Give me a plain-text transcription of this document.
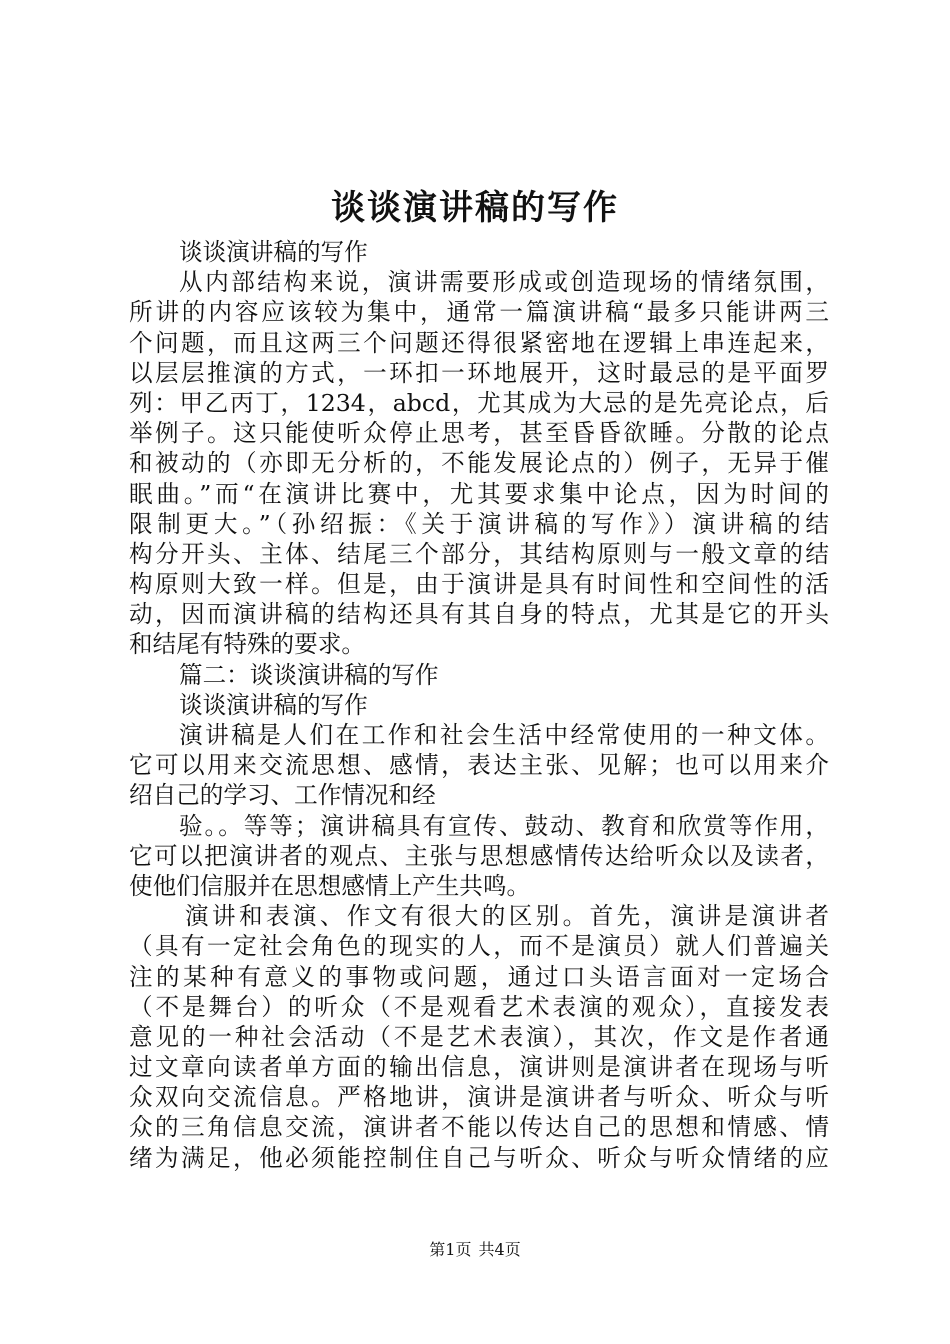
谈谈演讲稿的写作
谈谈演讲稿的写作
从内部结构来说，演讲需要形成或创造现场的情绪氛围，
所讲的内容应该较为集中，通常一篇演讲稿“最多只能讲两三
个问题，而且这两三个问题还得很紧密地在逻辑上串连起来，
以层层推演的方式，一环扣一环地展开，这时最忌的是平面罗
列：甲乙丙丁，1234，abcd，尤其成为大忌的是先亮论点，后
举例子。这只能使听众停止思考，甚至昏昏欲睡。分散的论点
和被动的（亦即无分析的，不能发展论点的）例子，无异于催
眠曲。”而“在演讲比赛中，尤其要求集中论点，因为时间的
限制更大。”（孙绍振：《关于演讲稿的写作》）演讲稿的结
构分开头、主体、结尾三个部分，其结构原则与一般文章的结
构原则大致一样。但是，由于演讲是具有时间性和空间性的活
动，因而演讲稿的结构还具有其自身的特点，尤其是它的开头
和结尾有特殊的要求。
篇二：谈谈演讲稿的写作
谈谈演讲稿的写作
演讲稿是人们在工作和社会生活中经常使用的一种文体。
它可以用来交流思想、感情，表达主张、见解；也可以用来介
绍自己的学习、工作情况和经
验。。等等；演讲稿具有宣传、鼓动、教育和欣赏等作用，
它可以把演讲者的观点、主张与思想感情传达给听众以及读者，
使他们信服并在思想感情上产生共鸣。
演讲和表演、作文有很大的区别。首先，演讲是演讲者
（具有一定社会角色的现实的人，而不是演员）就人们普遍关
注的某种有意义的事物或问题，通过口头语言面对一定场合
（不是舞台）的听众（不是观看艺术表演的观众），直接发表
意见的一种社会活动（不是艺术表演），其次，作文是作者通
过文章向读者单方面的输出信息，演讲则是演讲者在现场与听
众双向交流信息。严格地讲，演讲是演讲者与听众、听众与听
众的三角信息交流，演讲者不能以传达自己的思想和情感、情
绪为满足，他必须能控制住自己与听众、听众与听众情绪的应
第1页 共4页
